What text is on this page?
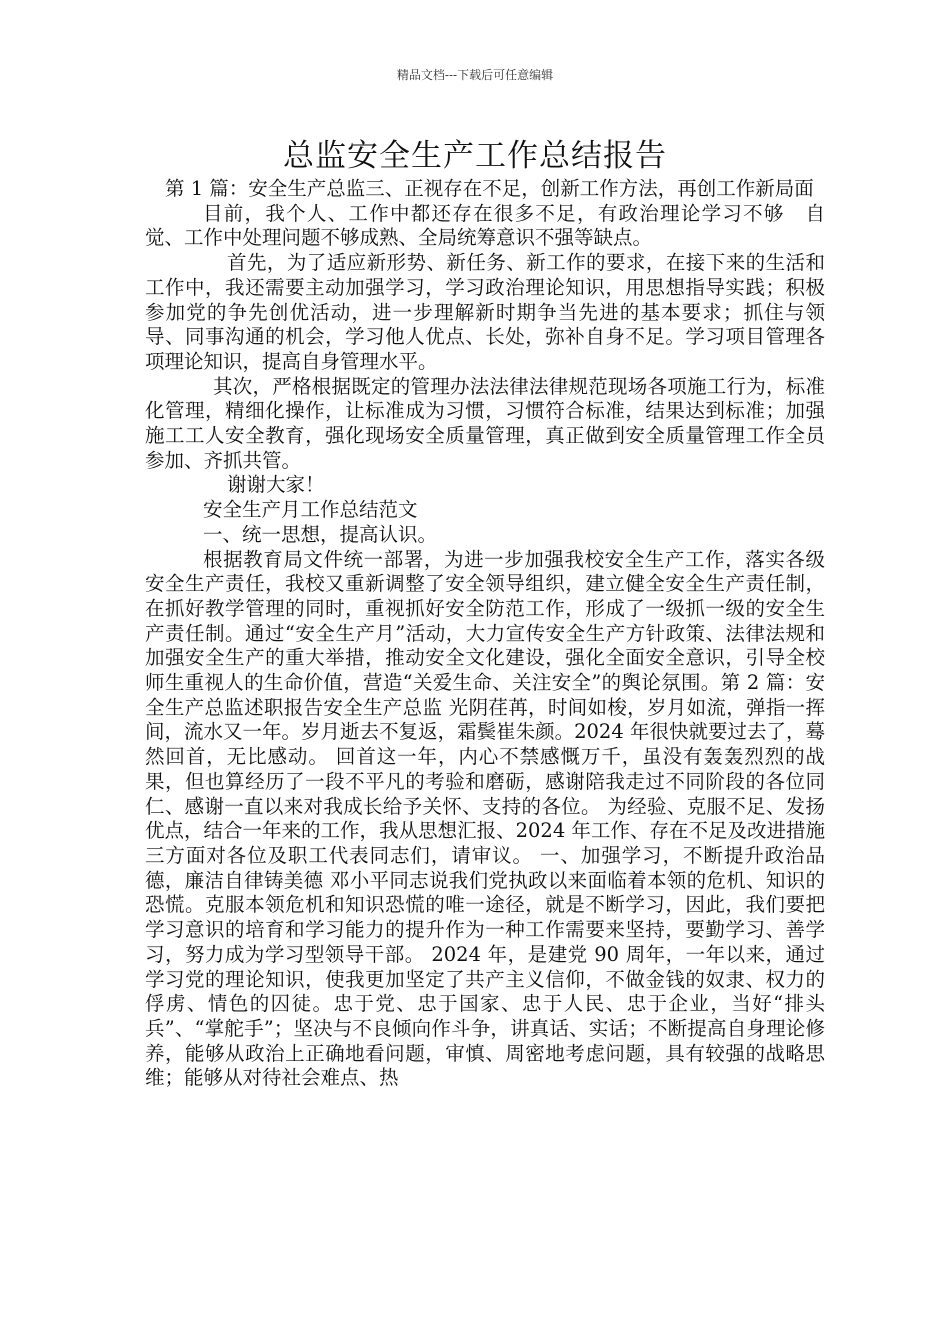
精品文档---下载后可任意编辑
总监安全生产工作总结报告

第 1 篇：安全生产总监三、正视存在不足，创新工作方法，再创工作新局面

目前，我个人、工作中都还存在很多不足，有政治理论学习不够　自觉、工作中处理问题不够成熟、全局统筹意识不强等缺点。

首先，为了适应新形势、新任务、新工作的要求，在接下来的生活和工作中，我还需要主动加强学习，学习政治理论知识，用思想指导实践；积极参加党的争先创优活动，进一步理解新时期争当先进的基本要求；抓住与领导、同事沟通的机会，学习他人优点、长处，弥补自身不足。学习项目管理各项理论知识，提高自身管理水平。

其次，严格根据既定的管理办法法律法律规范现场各项施工行为，标准化管理，精细化操作，让标准成为习惯，习惯符合标准，结果达到标准；加强施工工人安全教育，强化现场安全质量管理，真正做到安全质量管理工作全员参加、齐抓共管。

谢谢大家！

安全生产月工作总结范文

一、统一思想，提高认识。

根据教育局文件统一部署，为进一步加强我校安全生产工作，落实各级安全生产责任，我校又重新调整了安全领导组织，建立健全安全生产责任制，在抓好教学管理的同时，重视抓好安全防范工作，形成了一级抓一级的安全生产责任制。通过“安全生产月”活动，大力宣传安全生产方针政策、法律法规和加强安全生产的重大举措，推动安全文化建设，强化全面安全意识，引导全校师生重视人的生命价值，营造“关爱生命、关注安全”的舆论氛围。第 2 篇：安全生产总监述职报告安全生产总监 光阴荏苒，时间如梭，岁月如流，弹指一挥间，流水又一年。岁月逝去不复返，霜鬓崔朱颜。2024 年很快就要过去了，蓦然回首，无比感动。 回首这一年，内心不禁感慨万千，虽没有轰轰烈烈的战果，但也算经历了一段不平凡的考验和磨砺，感谢陪我走过不同阶段的各位同仁、感谢一直以来对我成长给予关怀、支持的各位。 为经验、克服不足、发扬优点，结合一年来的工作，我从思想汇报、2024 年工作、存在不足及改进措施三方面对各位及职工代表同志们，请审议。 一、加强学习，不断提升政治品德，廉洁自律铸美德 邓小平同志说我们党执政以来面临着本领的危机、知识的恐慌。克服本领危机和知识恐慌的唯一途径，就是不断学习，因此，我们要把学习意识的培育和学习能力的提升作为一种工作需要来坚持，要勤学习、善学习，努力成为学习型领导干部。 2024 年，是建党 90 周年，一年以来，通过学习党的理论知识，使我更加坚定了共产主义信仰，不做金钱的奴隶、权力的俘虏、情色的囚徒。忠于党、忠于国家、忠于人民、忠于企业，当好“排头兵”、“掌舵手”；坚决与不良倾向作斗争，讲真话、实话；不断提高自身理论修养，能够从政治上正确地看问题，审慎、周密地考虑问题，具有较强的战略思维；能够从对待社会难点、热
